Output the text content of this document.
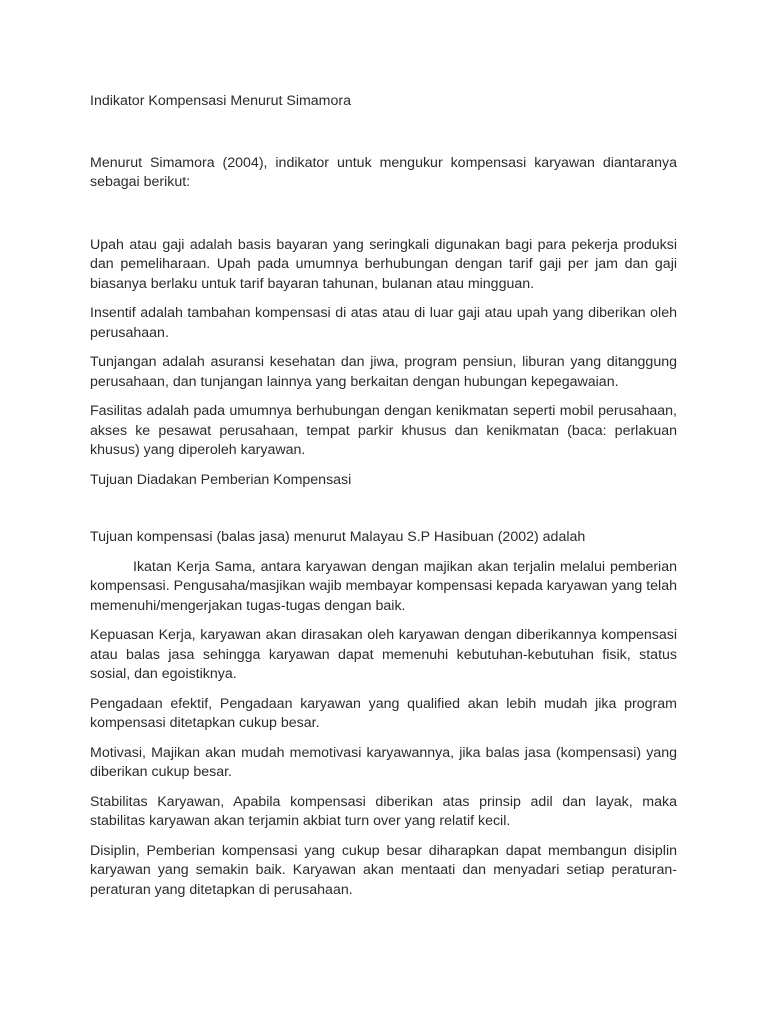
Indikator Kompensasi Menurut Simamora

Menurut Simamora (2004), indikator untuk mengukur kompensasi karyawan diantaranya sebagai berikut:

Upah atau gaji adalah basis bayaran yang seringkali digunakan bagi para pekerja produksi dan pemeliharaan. Upah pada umumnya berhubungan dengan tarif gaji per jam dan gaji biasanya berlaku untuk tarif bayaran tahunan, bulanan atau mingguan.

Insentif adalah tambahan kompensasi di atas atau di luar gaji atau upah yang diberikan oleh perusahaan.

Tunjangan adalah asuransi kesehatan dan jiwa, program pensiun, liburan yang ditanggung perusahaan, dan tunjangan lainnya yang berkaitan dengan hubungan kepegawaian.

Fasilitas adalah pada umumnya berhubungan dengan kenikmatan seperti mobil perusahaan, akses ke pesawat perusahaan, tempat parkir khusus dan kenikmatan (baca: perlakuan khusus) yang diperoleh karyawan.

Tujuan Diadakan Pemberian Kompensasi

Tujuan kompensasi (balas jasa) menurut Malayau S.P Hasibuan (2002) adalah

Ikatan Kerja Sama, antara karyawan dengan majikan akan terjalin melalui pemberian kompensasi. Pengusaha/masjikan wajib membayar kompensasi kepada karyawan yang telah memenuhi/mengerjakan tugas-tugas dengan baik.

Kepuasan Kerja, karyawan akan dirasakan oleh karyawan dengan diberikannya kompensasi atau balas jasa sehingga karyawan dapat memenuhi kebutuhan-kebutuhan fisik, status sosial, dan egoistiknya.

Pengadaan efektif, Pengadaan karyawan yang qualified akan lebih mudah jika program kompensasi ditetapkan cukup besar.

Motivasi, Majikan akan mudah memotivasi karyawannya, jika balas jasa (kompensasi) yang diberikan cukup besar.

Stabilitas Karyawan, Apabila kompensasi diberikan atas prinsip adil dan layak, maka stabilitas karyawan akan terjamin akbiat turn over yang relatif kecil.

Disiplin, Pemberian kompensasi yang cukup besar diharapkan dapat membangun disiplin karyawan yang semakin baik. Karyawan akan mentaati dan menyadari setiap peraturan-peraturan yang ditetapkan di perusahaan.
